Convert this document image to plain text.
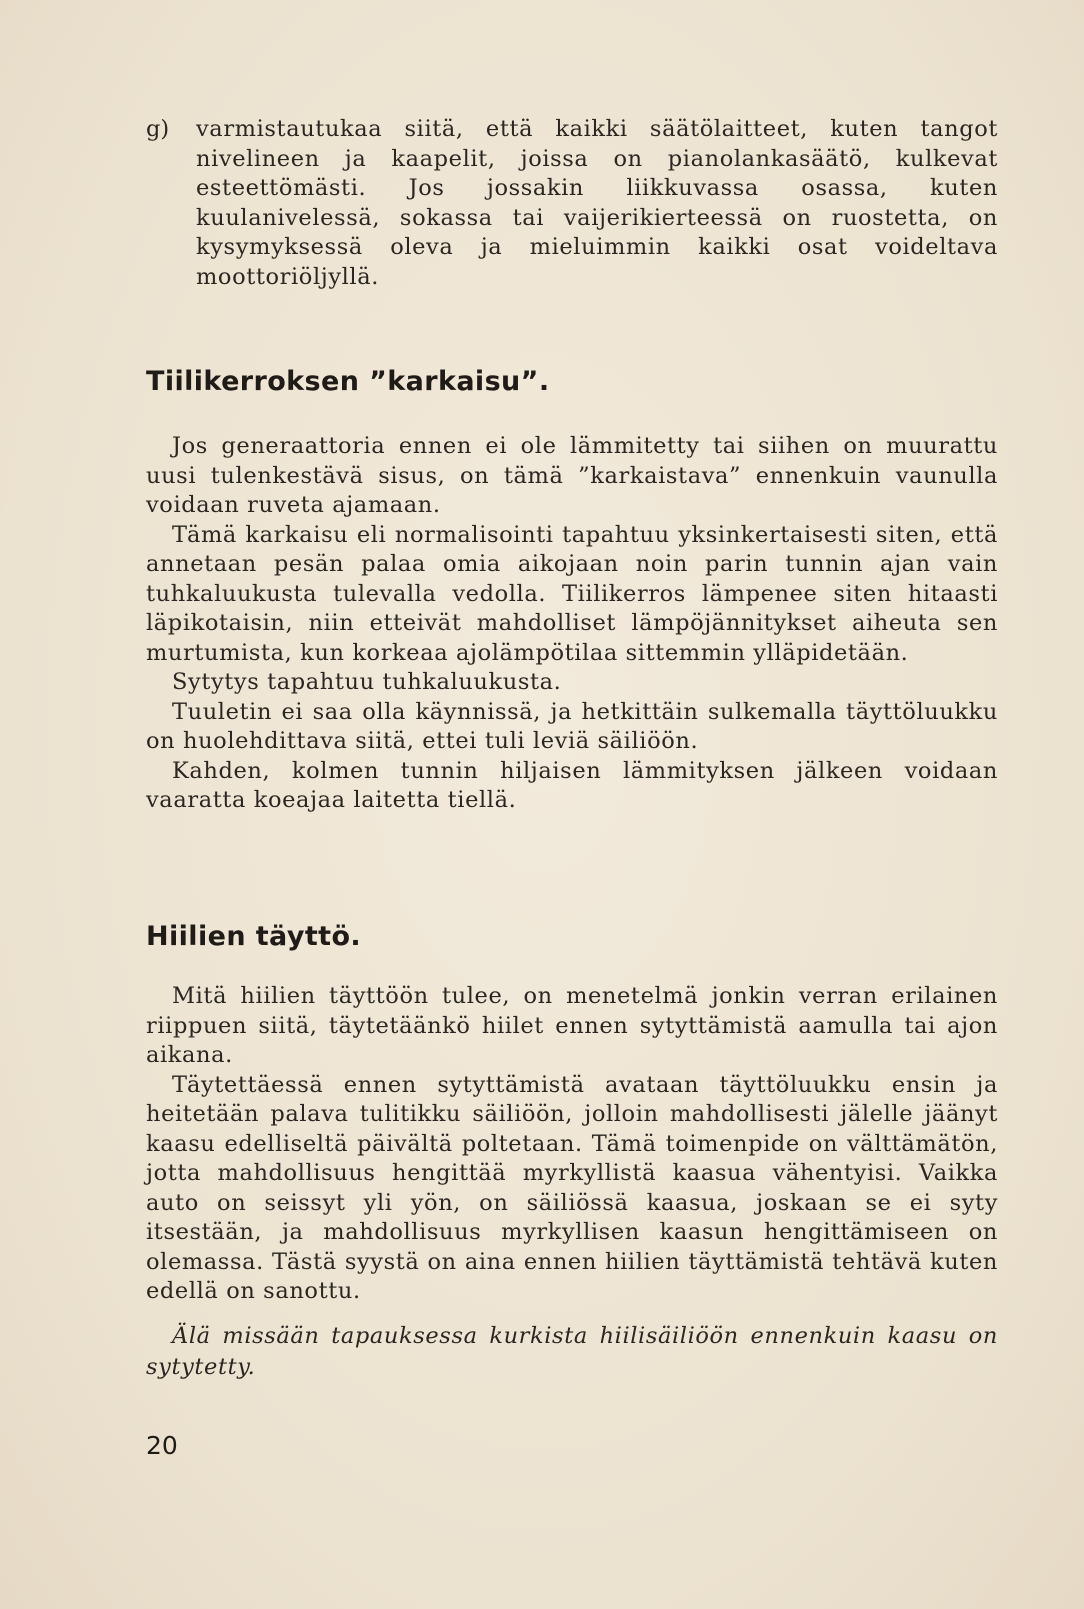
g) varmistautukaa siitä, että kaikki säätölaitteet, kuten tangot nivelineen ja kaapelit, joissa on pianolankasäätö, kulkevat esteettömästi. Jos jossakin liikkuvassa osassa, kuten kuulanivelessä, sokassa tai vaijerikierteessä on ruostetta, on kysymyksessä oleva ja mieluimmin kaikki osat voideltava moottoriöljyllä.

Tiilikerroksen ”karkaisu”.

Jos generaattoria ennen ei ole lämmitetty tai siihen on muurattu uusi tulenkestävä sisus, on tämä ”karkaistava” ennenkuin vaunulla voidaan ruveta ajamaan.

Tämä karkaisu eli normalisointi tapahtuu yksinkertaisesti siten, että annetaan pesän palaa omia aikojaan noin parin tunnin ajan vain tuhkaluukusta tulevalla vedolla. Tiilikerros lämpenee siten hitaasti läpikotaisin, niin etteivät mahdolliset lämpöjännitykset aiheuta sen murtumista, kun korkeaa ajolämpötilaa sittemmin ylläpidetään.

Sytytys tapahtuu tuhkaluukusta.

Tuuletin ei saa olla käynnissä, ja hetkittäin sulkemalla täyttöluukku on huolehdittava siitä, ettei tuli leviä säiliöön.

Kahden, kolmen tunnin hiljaisen lämmityksen jälkeen voidaan vaaratta koeajaa laitetta tiellä.

Hiilien täyttö.

Mitä hiilien täyttöön tulee, on menetelmä jonkin verran erilainen riippuen siitä, täytetäänkö hiilet ennen sytyttämistä aamulla tai ajon aikana.

Täytettäessä ennen sytyttämistä avataan täyttöluukku ensin ja heitetään palava tulitikku säiliöön, jolloin mahdollisesti jälelle jäänyt kaasu edelliseltä päivältä poltetaan. Tämä toimenpide on välttämätön, jotta mahdollisuus hengittää myrkyllistä kaasua vähentyisi. Vaikka auto on seissyt yli yön, on säiliössä kaasua, joskaan se ei syty itsestään, ja mahdollisuus myrkyllisen kaasun hengittämiseen on olemassa. Tästä syystä on aina ennen hiilien täyttämistä tehtävä kuten edellä on sanottu.

Älä missään tapauksessa kurkista hiilisäiliöön ennenkuin kaasu on sytytetty.

20
